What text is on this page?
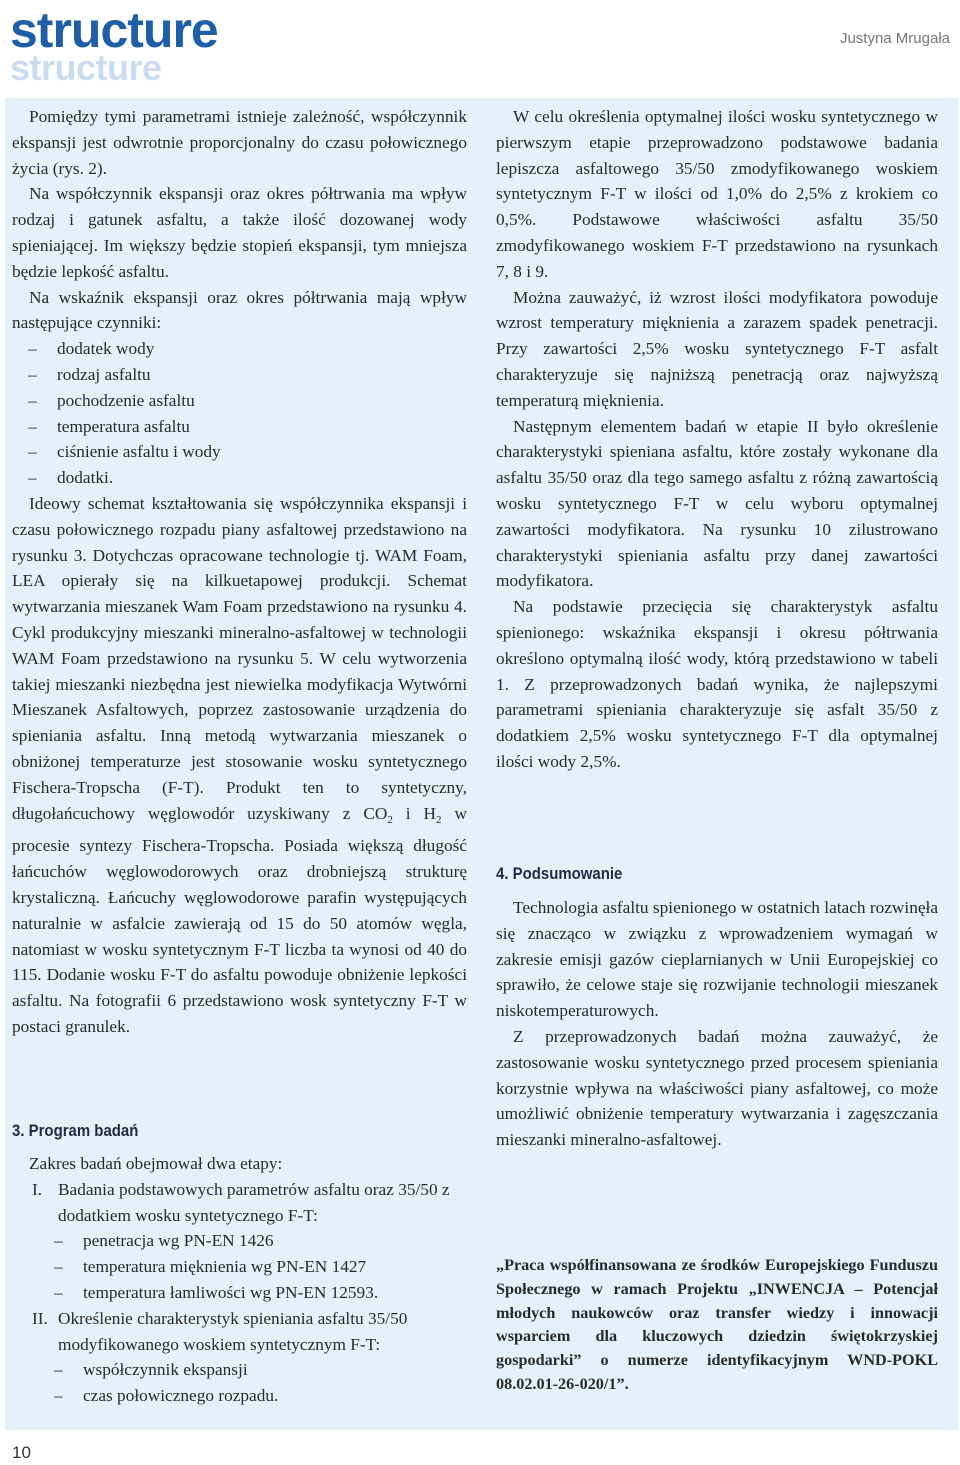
structure
structure	Justyna Mrugała

Pomiędzy tymi parametrami istnieje zależność, współczynnik ekspansji jest odwrotnie proporcjonalny do czasu połowicznego życia (rys. 2).

Na współczynnik ekspansji oraz okres półtrwania ma wpływ rodzaj i gatunek asfaltu, a także ilość dozowanej wody spieniającej. Im większy będzie stopień ekspansji, tym mniejsza będzie lepkość asfaltu.

Na wskaźnik ekspansji oraz okres półtrwania mają wpływ następujące czynniki:

– dodatek wody
– rodzaj asfaltu
– pochodzenie asfaltu
– temperatura asfaltu
– ciśnienie asfaltu i wody
– dodatki.

Ideowy schemat kształtowania się współczynnika ekspansji i czasu połowicznego rozpadu piany asfaltowej przedstawiono na rysunku 3. Dotychczas opracowane technologie tj. WAM Foam, LEA opierały się na kilkuetapowej produkcji. Schemat wytwarzania mieszanek Wam Foam przedstawiono na rysunku 4. Cykl produkcyjny mieszanki mineralno-asfaltowej w technologii WAM Foam przedstawiono na rysunku 5. W celu wytworzenia takiej mieszanki niezbędna jest niewielka modyfikacja Wytwórni Mieszanek Asfaltowych, poprzez zastosowanie urządzenia do spieniania asfaltu. Inną metodą wytwarzania mieszanek o obniżonej temperaturze jest stosowanie wosku syntetycznego Fischera-Tropscha (F-T). Produkt ten to syntetyczny, długołańcuchowy węglowodór uzyskiwany z $CO_2$ i $H_2$ w procesie syntezy Fischera-Tropscha. Posiada większą długość łańcuchów węglowodorowych oraz drobniejszą strukturę krystaliczną. Łańcuchy węglowodorowe parafin występujących naturalnie w asfalcie zawierają od 15 do 50 atomów węgla, natomiast w wosku syntetycznym F-T liczba ta wynosi od 40 do 115. Dodanie wosku F-T do asfaltu powoduje obniżenie lepkości asfaltu. Na fotografii 6 przedstawiono wosk syntetyczny F-T w postaci granulek.

3. Program badań

Zakres badań obejmował dwa etapy:

I. Badania podstawowych parametrów asfaltu oraz 35/50 z dodatkiem wosku syntetycznego F-T:
– penetracja wg PN-EN 1426
– temperatura mięknienia wg PN-EN 1427
– temperatura łamliwości wg PN-EN 12593.
II. Określenie charakterystyk spieniania asfaltu 35/50 modyfikowanego woskiem syntetycznym F-T:
– współczynnik ekspansji
– czas połowicznego rozpadu.

W celu określenia optymalnej ilości wosku syntetycznego w pierwszym etapie przeprowadzono podstawowe badania lepiszcza asfaltowego 35/50 zmodyfikowanego woskiem syntetycznym F-T w ilości od 1,0% do 2,5% z krokiem co 0,5%. Podstawowe właściwości asfaltu 35/50 zmodyfikowanego woskiem F-T przedstawiono na rysunkach 7, 8 i 9.

Można zauważyć, iż wzrost ilości modyfikatora powoduje wzrost temperatury mięknienia a zarazem spadek penetracji. Przy zawartości 2,5% wosku syntetycznego F-T asfalt charakteryzuje się najniższą penetracją oraz najwyższą temperaturą mięknienia.

Następnym elementem badań w etapie II było określenie charakterystyki spieniana asfaltu, które zostały wykonane dla asfaltu 35/50 oraz dla tego samego asfaltu z różną zawartością wosku syntetycznego F-T w celu wyboru optymalnej zawartości modyfikatora. Na rysunku 10 zilustrowano charakterystyki spieniania asfaltu przy danej zawartości modyfikatora.

Na podstawie przecięcia się charakterystyk asfaltu spienionego: wskaźnika ekspansji i okresu półtrwania określono optymalną ilość wody, którą przedstawiono w tabeli 1. Z przeprowadzonych badań wynika, że najlepszymi parametrami spieniania charakteryzuje się asfalt 35/50 z dodatkiem 2,5% wosku syntetycznego F-T dla optymalnej ilości wody 2,5%.

4. Podsumowanie

Technologia asfaltu spienionego w ostatnich latach rozwinęła się znacząco w związku z wprowadzeniem wymagań w zakresie emisji gazów cieplarnianych w Unii Europejskiej co sprawiło, że celowe staje się rozwijanie technologii mieszanek niskotemperaturowych.

Z przeprowadzonych badań można zauważyć, że zastosowanie wosku syntetycznego przed procesem spieniania korzystnie wpływa na właściwości piany asfaltowej, co może umożliwić obniżenie temperatury wytwarzania i zagęszczania mieszanki mineralno-asfaltowej.

„Praca współfinansowana ze środków Europejskiego Funduszu Społecznego w ramach Projektu „INWENCJA – Potencjał młodych naukowców oraz transfer wiedzy i innowacji wsparciem dla kluczowych dziedzin świętokrzyskiej gospodarki” o numerze identyfikacyjnym WND-POKL 08.02.01-26-020/1”.
10
